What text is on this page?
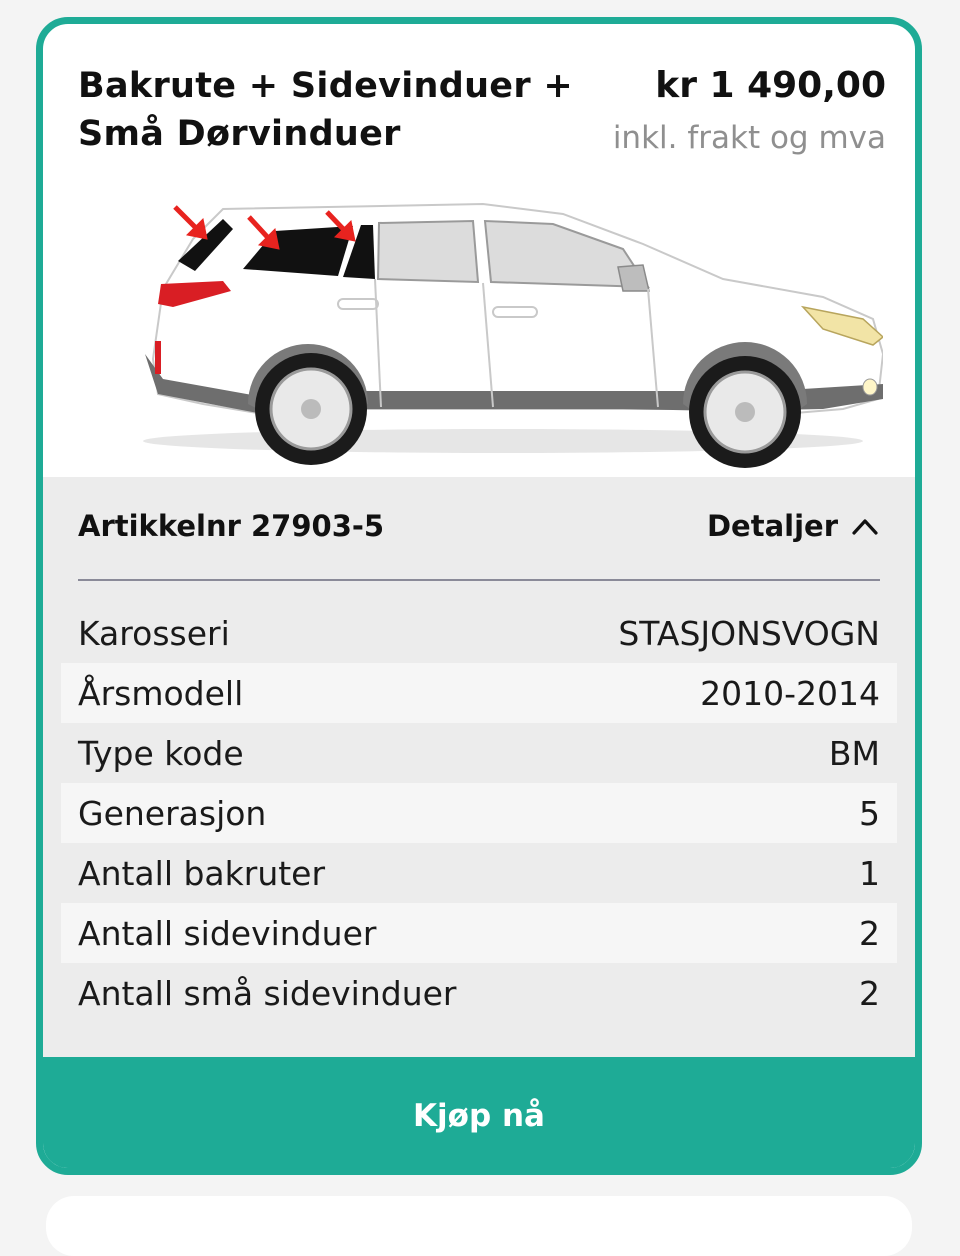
Bakrute + Sidevinduer +
Små Dørvinduer
kr 1 490,00
inkl. frakt og mva
Artikkelnr 27903-5	Detaljer
Karosseri	STASJONSVOGN
Årsmodell	2010-2014
Type kode	BM
Generasjon	5
Antall bakruter	1
Antall sidevinduer	2
Antall små sidevinduer	2
Kjøp nå
